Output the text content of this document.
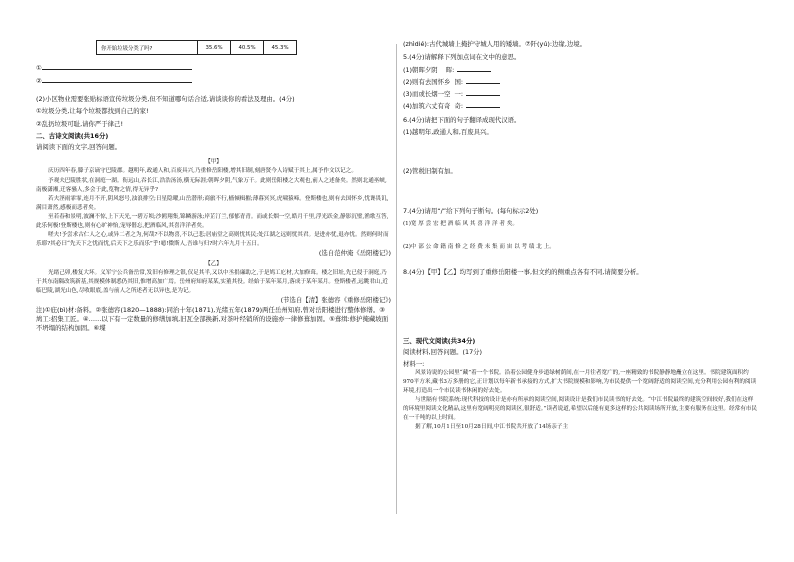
你开始垃圾分类了吗?	35.6%	40.5%	45.3%
①
②

(2)小区物业需要张贴标语宣传垃圾分类,但不知道哪句话合适,请谈谈你的看法及理由。(4分)

①垃圾分类,让每个垃圾都找到自己的家!

②乱扔垃圾可耻,请你严于律己!

二、古诗文阅读(共16分)

请阅读下面的文字,回答问题。

【甲】

庆历四年春,滕子京谪守巴陵郡。越明年,政通人和,百废具兴,乃重修岳阳楼,增其旧制,刻唐贤今人诗赋于其上,属予作文以记之。

予观夫巴陵胜状,在洞庭一湖。衔远山,吞长江,浩浩汤汤,横无际涯;朝晖夕阴,气象万千。此则岳阳楼之大观也,前人之述备矣。然则北通巫峡,南极潇湘,迁客骚人,多会于此,览物之情,得无异乎?

若夫淫雨霏霏,连月不开,阴风怒号,浊浪排空;日星隐曜,山岳潜形;商旅不行,樯倾楫摧;薄暮冥冥,虎啸猿啼。登斯楼也,则有去国怀乡,忧谗畏讥,满目萧然,感极而悲者矣。

至若春和景明,波澜不惊,上下天光,一碧万顷;沙鸥翔集,锦鳞游泳;岸芷汀兰,郁郁青青。而或长烟一空,皓月千里,浮光跃金,静影沉璧,渔歌互答,此乐何极!登斯楼也,则有心旷神怡,宠辱偕忘,把酒临风,其喜洋洋者矣。

嗟夫!予尝求古仁人之心,或异二者之为,何哉?不以物喜,不以己悲;居庙堂之高则忧其民;处江湖之远则忧其君。是进亦忧,退亦忧。然则何时而乐耶?其必曰“先天下之忧而忧,后天下之乐而乐”乎!噫!微斯人,吾谁与归?时六年九月十五日。

(选自范仲淹《岳阳楼记》)

【乙】

光绪己卯,楼复大坏。义军宁公兵备岳常,发旧有修理之银,仅足其半,又以中丞捐廉助之,于是鸠工庀材,大加修葺。楼之旧址,先已侵于洞庭,乃于其东南隅改筑新基,其规模体制悉仍其旧,惟增高加广焉。岳州府知府某某,实董其役。经始于某年某月,落成于某年某月。登斯楼者,远眺君山,近临巴陵,湖光山色,尽收眼底,盖与前人之所述者无以异也,是为记。

(节选自【清】张德容《重修岳阳楼记》)

注)①庇(bì)材:备料。②张德容(1820—1888):同治十年(1871),光绪五年(1879)两任岳州知府,曾对岳阳楼进行整体修缮。③鸠工:招集工匠。④……以下有一定数量的修缮加填,旧瓦全部换新,对茶叶经销所的设施亦一律修葺加固。⑤葺缉:修护掩藏坡面不坍塌的结构加固。⑥堞

(zhìdié):古代城墙上掩护守城人用的矮墙。⑦阡(yú):边缘,边境。

5.(4分)请解释下列加点词在文中的意思。

(1)朝晖夕阴 晖:

(2)则有去国怀乡 国:

(3)而或长烟一空 一:

(4)加筑六丈有奇 奇:

6.(4分)请把下面的句子翻译成现代汉语。

(1)越明年,政通人和,百废具兴。

(2)管税旧制有加。

7.(4分)请用“/”给下列句子断句。(每句标示2处)

(1)宽 厚 尝 宏 把 酒 临 风 其 喜 洋 洋 者 矣。

(2)中 部 公 命 籍 南 修 之 经 费 未 集 而 宙 以 考 绩 北 上。

8.(4分)【甲】【乙】均写到了重修岳阳楼一事,但文约的侧重点各有不同,请简要分析。

三、现代文阅读(共34分)

阅读材料,回答问题。(17分)

材料一:

风景诗说的公园里“藏”着一个书院。沿着公园健身步道绿树荫间,在一月往者宽广的,一座精致的书院静静地矗立在这里。书院建筑面积约970平方米,藏书3万多册的它,正计划以每年新书承接的方式,扩大书院规模和影响,为市民提供一个宽阔舒适的阅读空间,充分利用公园有利的阅读环境,打造出一个市民读书休闲的好去处。

与世隔有书院系统:现代科技的设计是亦有所承的阅读空间,阅读设计是我们市民读书的好去处。“中江书院最终的建筑空间较好,我们在这样的环境里阅读文化精品,这里有宽阔明亮的阅读区,很舒适。”读者说道,希望以后能有更多这样的公共阅读场所开放,主要有服务在这里。经常有市民在一千吨的以上时间。

据了解,10月1日至10月28日间,中江书院共开放了14场亲子主
